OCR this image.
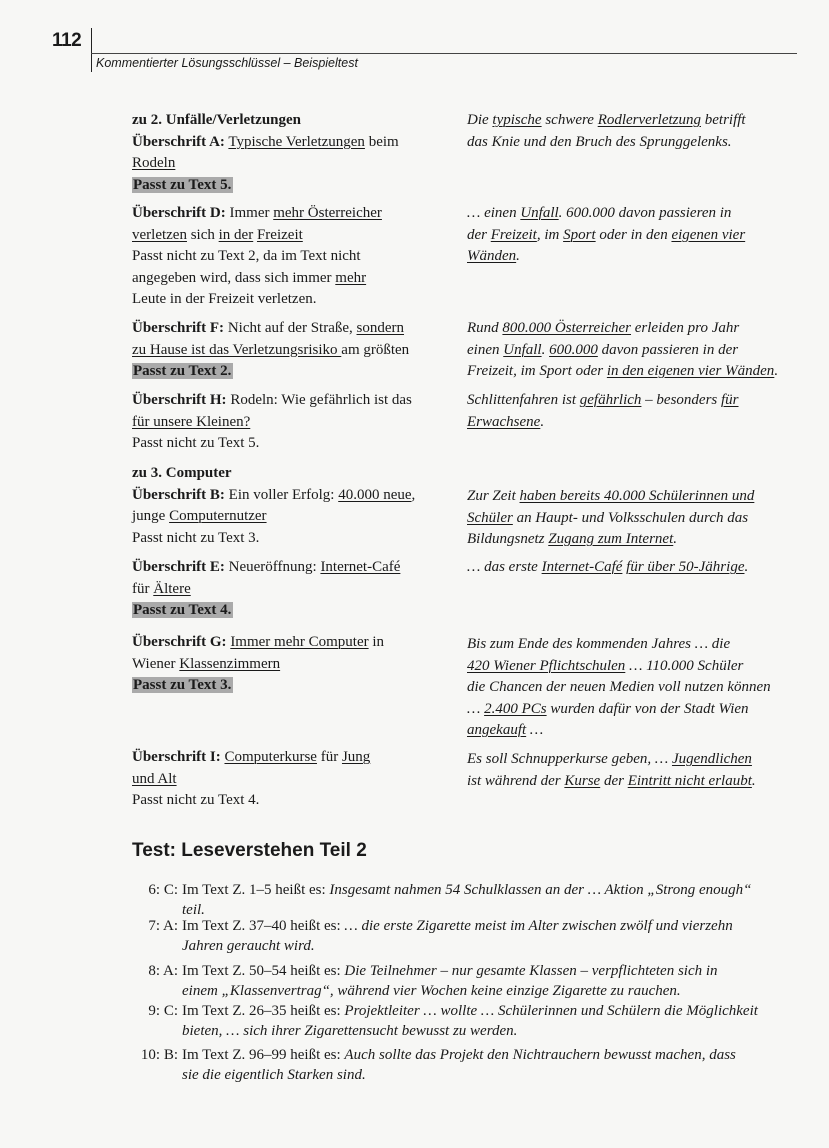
112
Kommentierter Lösungsschlüssel – Beispieltest
zu 2. Unfälle/Verletzungen
Überschrift A: Typische Verletzungen beim
Rodeln
Passt zu Text 5.
Die typische schwere Rodlerverletzung betrifft
das Knie und den Bruch des Sprunggelenks.
Überschrift D: Immer mehr Österreicher
verletzen sich in der Freizeit
Passt nicht zu Text 2, da im Text nicht
angegeben wird, dass sich immer mehr
Leute in der Freizeit verletzen.
… einen Unfall. 600.000 davon passieren in
der Freizeit, im Sport oder in den eigenen vier
Wänden.
Überschrift F: Nicht auf der Straße, sondern
zu Hause ist das Verletzungsrisiko am größten
Passt zu Text 2.
Rund 800.000 Österreicher erleiden pro Jahr
einen Unfall. 600.000 davon passieren in der
Freizeit, im Sport oder in den eigenen vier Wänden.
Überschrift H: Rodeln: Wie gefährlich ist das
für unsere Kleinen?
Passt nicht zu Text 5.
Schlittenfahren ist gefährlich – besonders für
Erwachsene.
zu 3. Computer
Überschrift B: Ein voller Erfolg: 40.000 neue,
junge Computernutzer
Passt nicht zu Text 3.
Zur Zeit haben bereits 40.000 Schülerinnen und
Schüler an Haupt- und Volksschulen durch das
Bildungsnetz Zugang zum Internet.
Überschrift E: Neueröffnung: Internet-Café
für Ältere
Passt zu Text 4.
… das erste Internet-Café für über 50-Jährige.
Überschrift G: Immer mehr Computer in
Wiener Klassenzimmern
Passt zu Text 3.
Bis zum Ende des kommenden Jahres … die
420 Wiener Pflichtschulen … 110.000 Schüler
die Chancen der neuen Medien voll nutzen können
… 2.400 PCs wurden dafür von der Stadt Wien
angekauft …
Überschrift I: Computerkurse für Jung
und Alt
Passt nicht zu Text 4.
Es soll Schnupperkurse geben, … Jugendlichen
ist während der Kurse der Eintritt nicht erlaubt.
Test: Leseverstehen Teil 2
6: C: Im Text Z. 1–5 heißt es: Insgesamt nahmen 54 Schulklassen an der … Aktion „Strong enough“
teil.
7: A: Im Text Z. 37–40 heißt es: … die erste Zigarette meist im Alter zwischen zwölf und vierzehn
Jahren geraucht wird.
8: A: Im Text Z. 50–54 heißt es: Die Teilnehmer – nur gesamte Klassen – verpflichteten sich in
einem „Klassenvertrag“, während vier Wochen keine einzige Zigarette zu rauchen.
9: C: Im Text Z. 26–35 heißt es: Projektleiter … wollte … Schülerinnen und Schülern die Möglichkeit
bieten, … sich ihrer Zigarettensucht bewusst zu werden.
10: B: Im Text Z. 96–99 heißt es: Auch sollte das Projekt den Nichtrauchern bewusst machen, dass
sie die eigentlich Starken sind.
